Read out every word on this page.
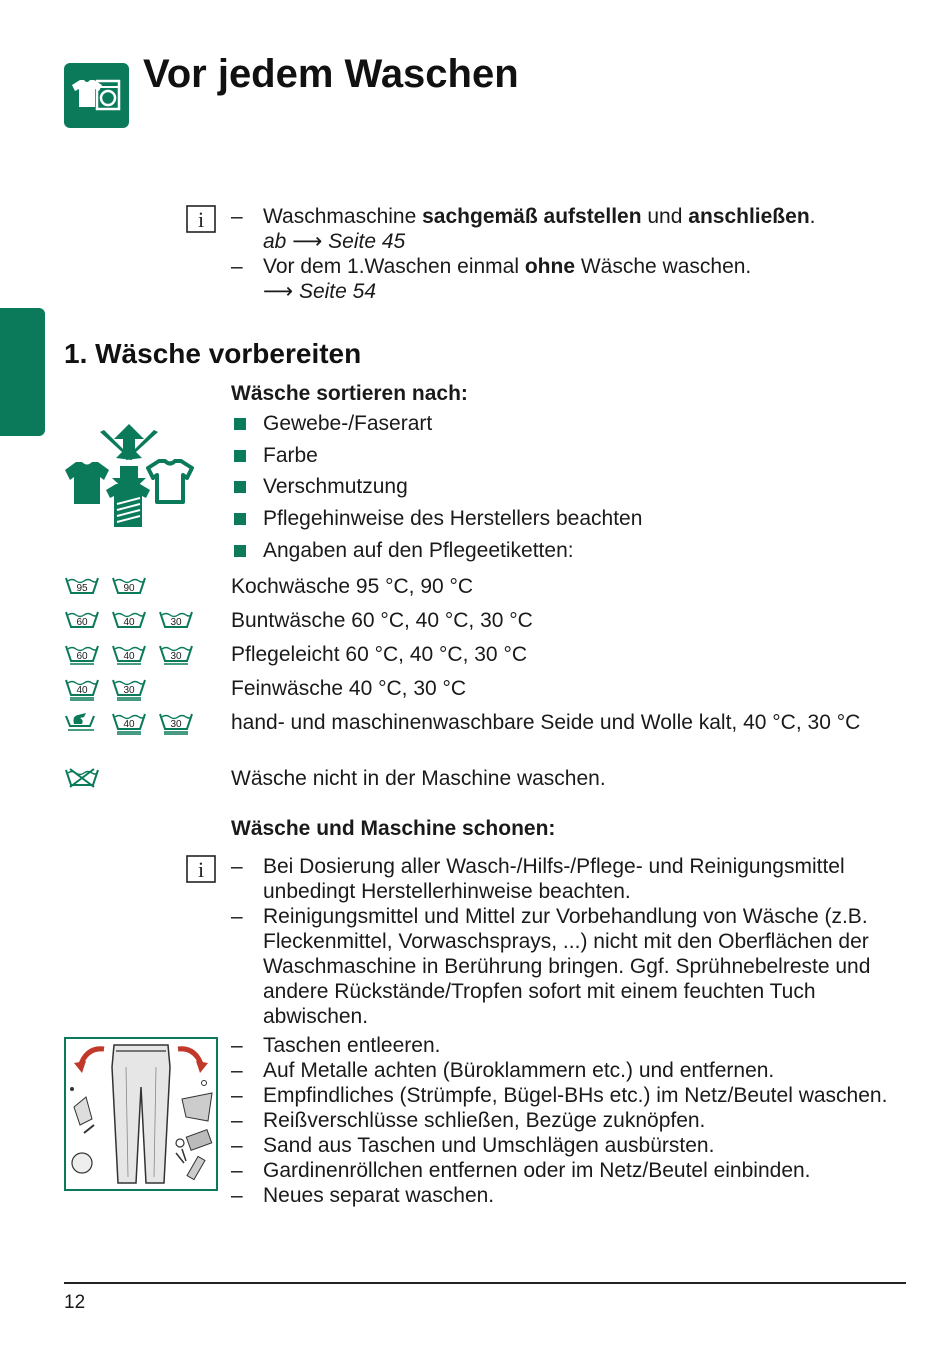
Vor jedem Waschen
i – Waschmaschine sachgemäß aufstellen und anschließen.
ab ⟶ Seite 45
– Vor dem 1.Waschen einmal ohne Wäsche waschen.
⟶ Seite 54
1. Wäsche vorbereiten
Wäsche sortieren nach:
Gewebe-/Faserart
Farbe
Verschmutzung
Pflegehinweise des Herstellers beachten
Angaben auf den Pflegeetiketten:
95	90	Kochwäsche 95 °C, 90 °C
60	40	30 Buntwäsche 60 °C, 40 °C, 30 °C
60	40	30 Pflegeleicht 60 °C, 40 °C, 30 °C
40	30	Feinwäsche 40 °C, 30 °C
40	30 hand- und maschinenwaschbare Seide und Wolle kalt, 40 °C, 30 °C
Wäsche nicht in der Maschine waschen.
Wäsche und Maschine schonen:
i – Bei Dosierung aller Wasch-/Hilfs-/Pflege- und Reinigungsmittel unbedingt Herstellerhinweise beachten.
– Reinigungsmittel und Mittel zur Vorbehandlung von Wäsche (z.B. Fleckenmittel, Vorwaschsprays, ...) nicht mit den Oberflächen der Waschmaschine in Berührung bringen. Ggf. Sprühnebelreste und andere Rückstände/Tropfen sofort mit einem feuchten Tuch abwischen.
– Taschen entleeren.
– Auf Metalle achten (Büroklammern etc.) und entfernen.
– Empfindliches (Strümpfe, Bügel-BHs etc.) im Netz/Beutel waschen.
– Reißverschlüsse schließen, Bezüge zuknöpfen.
– Sand aus Taschen und Umschlägen ausbürsten.
– Gardinenröllchen entfernen oder im Netz/Beutel einbinden.
– Neues separat waschen.
12
